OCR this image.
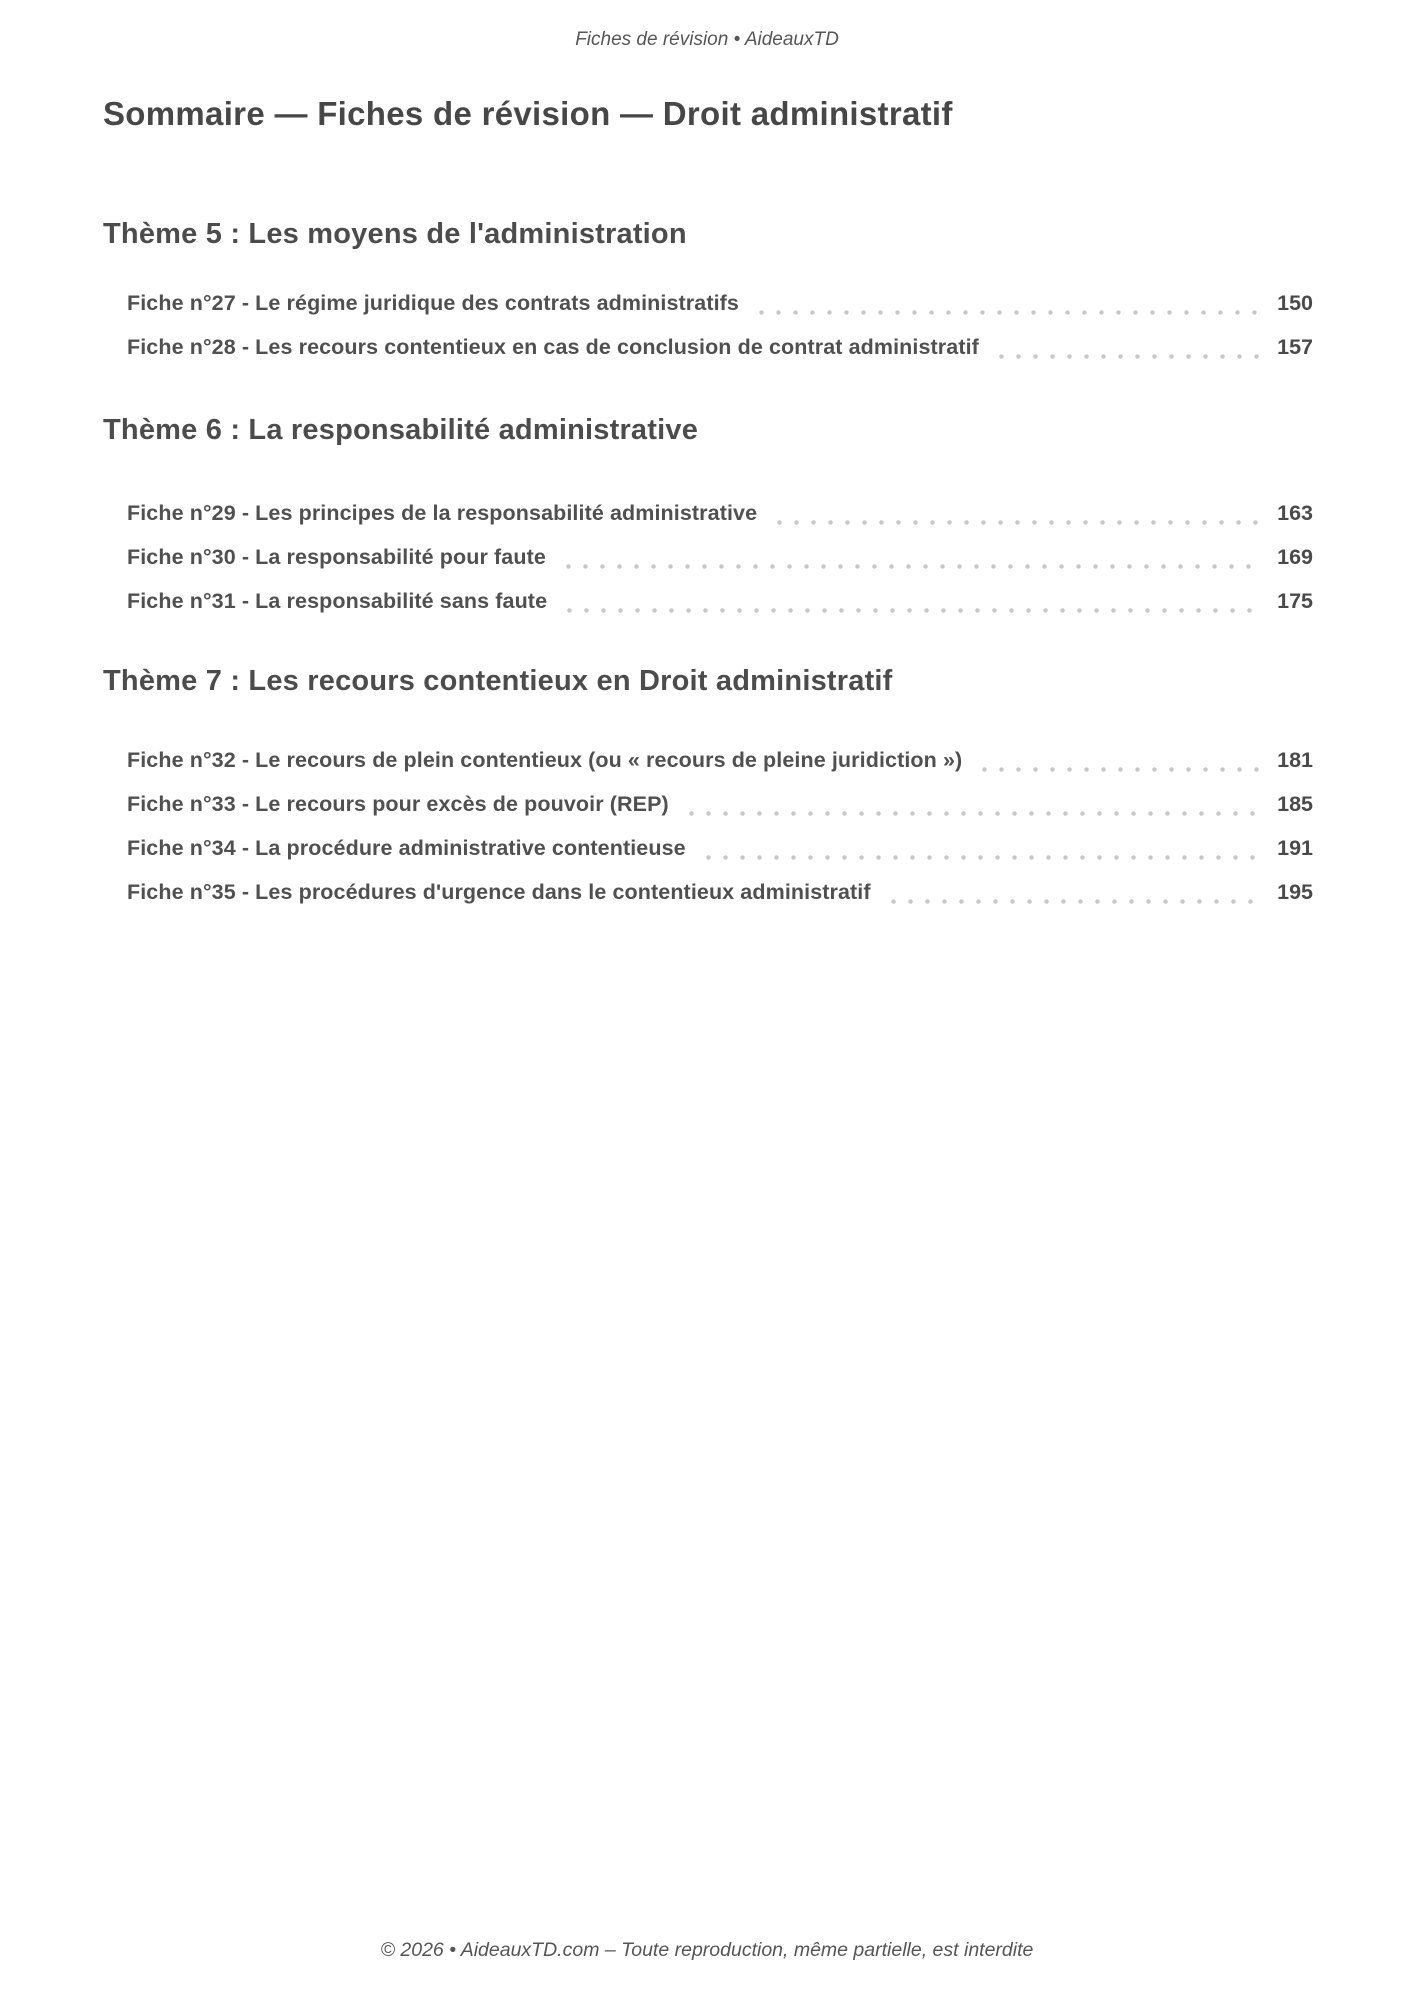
Fiches de révision • AideauxTD
Sommaire — Fiches de révision — Droit administratif
Thème 5 : Les moyens de l'administration
Fiche n°27 - Le régime juridique des contrats administratifs	150
Fiche n°28 - Les recours contentieux en cas de conclusion de contrat administratif	157
Thème 6 : La responsabilité administrative
Fiche n°29 - Les principes de la responsabilité administrative	163
Fiche n°30 - La responsabilité pour faute	169
Fiche n°31 - La responsabilité sans faute	175
Thème 7 : Les recours contentieux en Droit administratif
Fiche n°32 - Le recours de plein contentieux (ou « recours de pleine juridiction »)	181
Fiche n°33 - Le recours pour excès de pouvoir (REP)	185
Fiche n°34 - La procédure administrative contentieuse	191
Fiche n°35 - Les procédures d'urgence dans le contentieux administratif	195
© 2026 • AideauxTD.com – Toute reproduction, même partielle, est interdite
